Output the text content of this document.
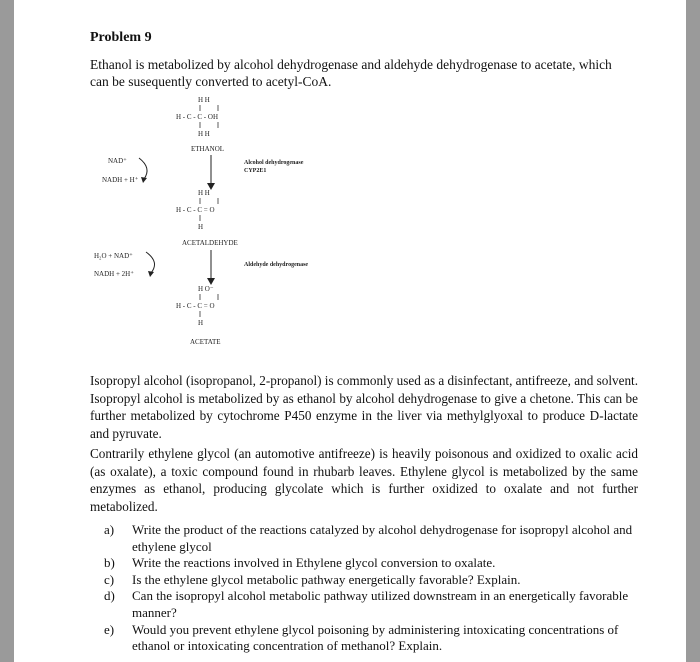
Problem 9
Ethanol is metabolized by alcohol dehydrogenase and aldehyde dehydrogenase to acetate, which can be susequently converted to acetyl-CoA.
H H
H - C - C - OH
H H
ETHANOL
NAD⁺
NADH + H⁺
Alcohol dehydrogenase
CYP2E1
H H
H - C - C = O
H
ACETALDEHYDE
H₂O + NAD⁺
NADH + 2H⁺
Aldehyde dehydrogenase
H O⁻
H - C - C = O
H
ACETATE
Isopropyl alcohol (isopropanol, 2-propanol) is commonly used as a disinfectant, antifreeze, and solvent. Isopropyl alcohol is metabolized by as ethanol by alcohol dehydrogenase to give a chetone. This can be further metabolized by cytochrome P450 enzyme in the liver via methylglyoxal to produce D-lactate and pyruvate.
Contrarily ethylene glycol (an automotive antifreeze) is heavily poisonous and oxidized to oxalic acid (as oxalate), a toxic compound found in rhubarb leaves. Ethylene glycol is metabolized by the same enzymes as ethanol, producing glycolate which is further oxidized to oxalate and not further metabolized.
a) Write the product of the reactions catalyzed by alcohol dehydrogenase for isopropyl alcohol and ethylene glycol
b) Write the reactions involved in Ethylene glycol conversion to oxalate.
c) Is the ethylene glycol metabolic pathway energetically favorable? Explain.
d) Can the isopropyl alcohol metabolic pathway utilized downstream in an energetically favorable manner?
e) Would you prevent ethylene glycol poisoning by administering intoxicating concentrations of ethanol or intoxicating concentration of methanol? Explain.
